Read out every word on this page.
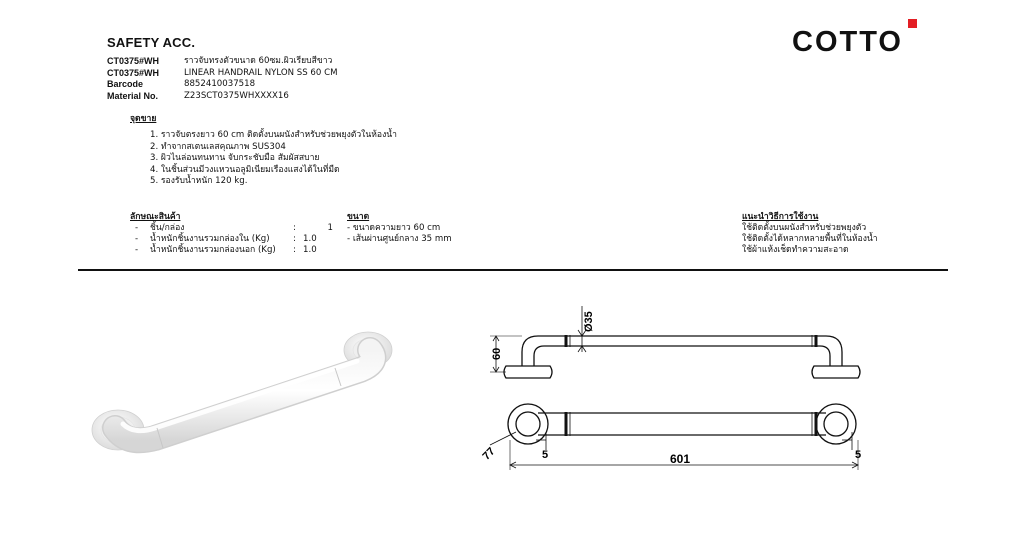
SAFETY ACC.
CT0375#WH	ราวจับทรงตัวขนาด 60ซม.ผิวเรียบสีขาว
CT0375#WH	LINEAR HANDRAIL NYLON SS 60 CM
Barcode	8852410037518
Material No.	Z23SCT0375WHXXXX16
COTTO
จุดขาย
1. ราวจับตรงยาว 60 cm ติดตั้งบนผนังสำหรับช่วยพยุงตัวในห้องน้ำ
2. ทำจากสเตนเลสคุณภาพ SUS304
3. ผิวไนล่อนทนทาน จับกระชับมือ สัมผัสสบาย
4. ในชิ้นส่วนมีวงแหวนอลูมิเนียมเรืองแสงได้ในที่มืด
5. รองรับน้ำหนัก 120 kg.
ลักษณะสินค้า
-	ชิ้น/กล่อง	:	1
-	น้ำหนักชิ้นงานรวมกล่องใน (Kg)	: 1.0
-	น้ำหนักชิ้นงานรวมกล่องนอก (Kg)	: 1.0
ขนาด
- ขนาดความยาว 60 cm
- เส้นผ่านศูนย์กลาง 35 mm
แนะนำวิธีการใช้งาน
ใช้ติดตั้งบนผนังสำหรับช่วยพยุงตัว
ใช้ติดตั้งได้หลากหลายพื้นที่ในห้องน้ำ
ใช้ผ้าแห้งเช็ดทำความสะอาด
Ø35
60
5	5
77	601
